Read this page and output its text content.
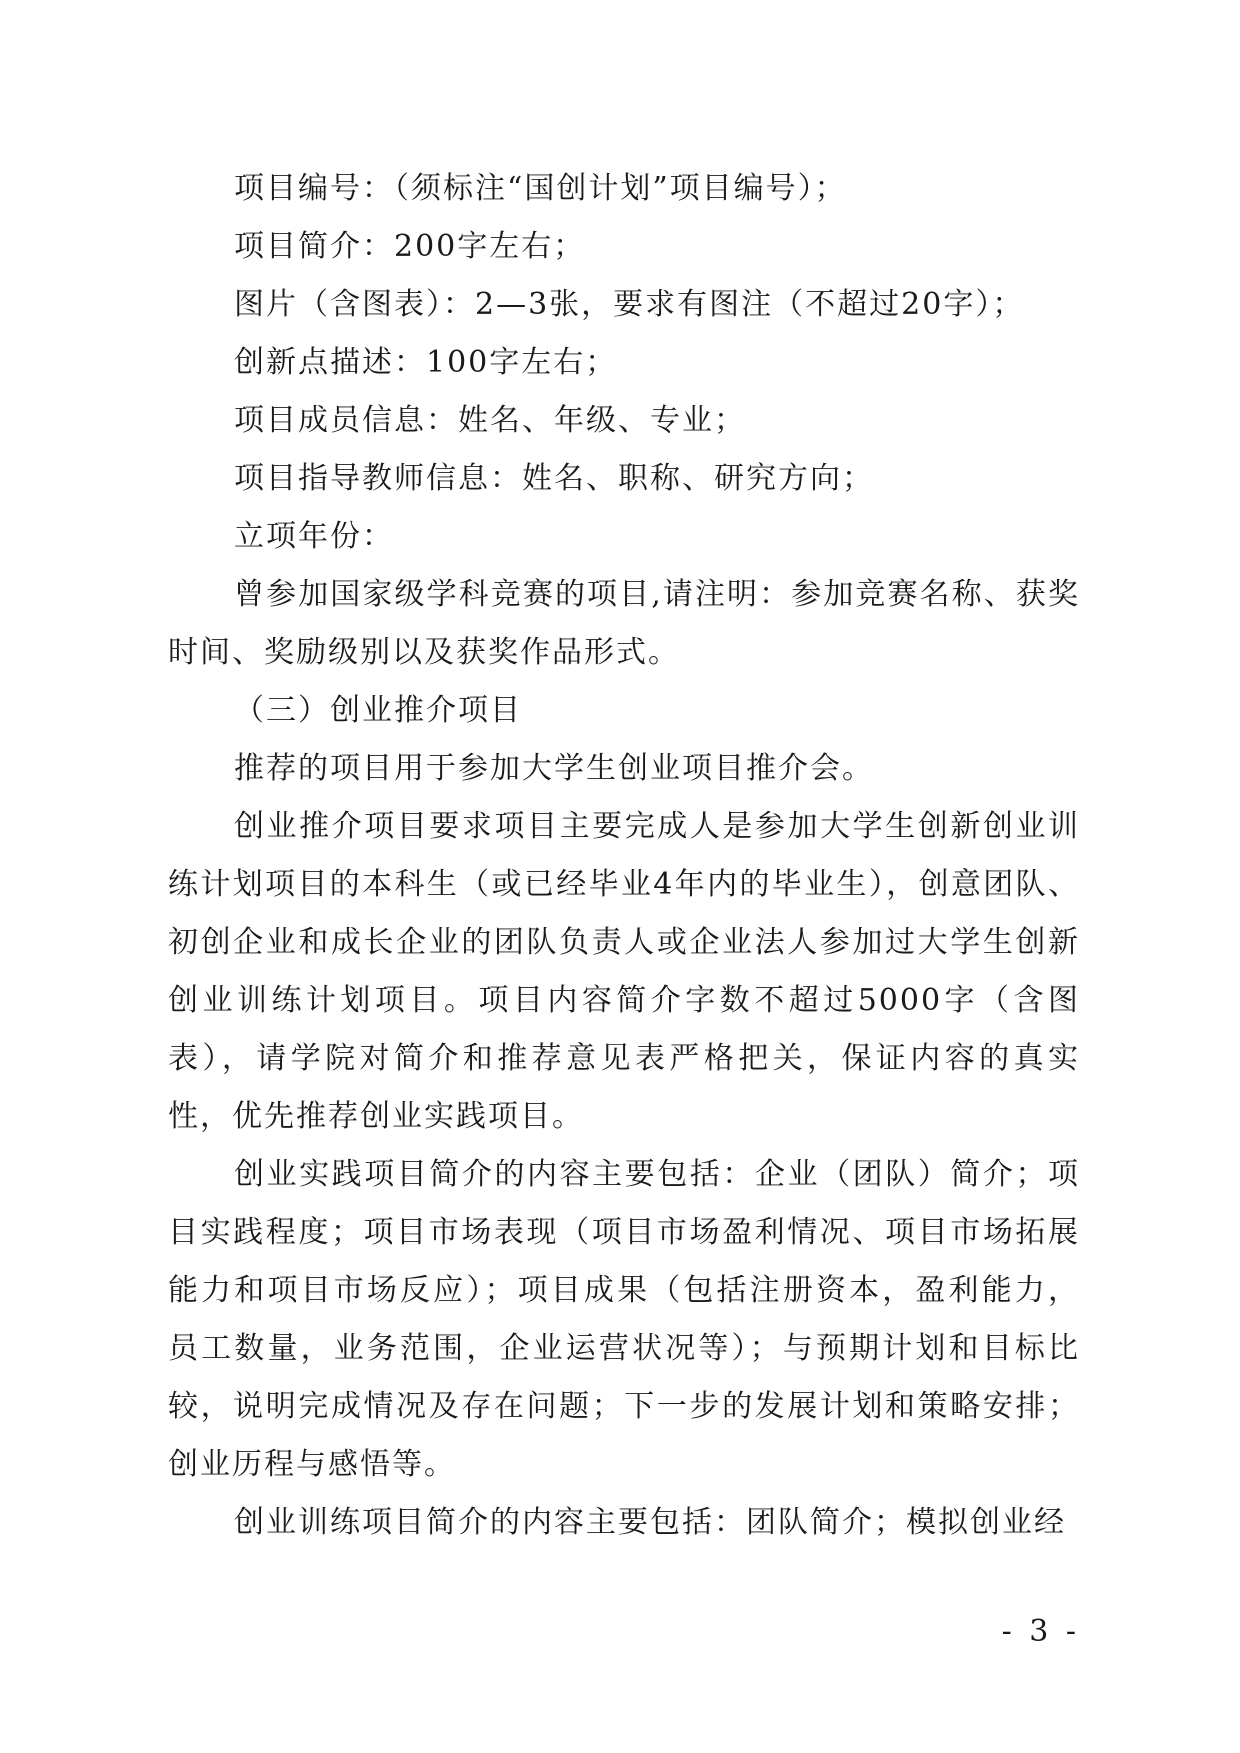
项目编号：（须标注“国创计划”项目编号）；

项目简介：200字左右；

图片（含图表）：2—3张，要求有图注（不超过20字）；

创新点描述：100字左右；

项目成员信息：姓名、年级、专业；

项目指导教师信息：姓名、职称、研究方向；

立项年份：

曾参加国家级学科竞赛的项目,请注明：参加竞赛名称、获奖时间、奖励级别以及获奖作品形式。

（三）创业推介项目

推荐的项目用于参加大学生创业项目推介会。

创业推介项目要求项目主要完成人是参加大学生创新创业训练计划项目的本科生（或已经毕业4年内的毕业生），创意团队、初创企业和成长企业的团队负责人或企业法人参加过大学生创新创业训练计划项目。项目内容简介字数不超过5000字（含图表），请学院对简介和推荐意见表严格把关，保证内容的真实性，优先推荐创业实践项目。

创业实践项目简介的内容主要包括：企业（团队）简介；项目实践程度；项目市场表现（项目市场盈利情况、项目市场拓展能力和项目市场反应）；项目成果（包括注册资本，盈利能力，员工数量，业务范围，企业运营状况等）；与预期计划和目标比较，说明完成情况及存在问题；下一步的发展计划和策略安排；创业历程与感悟等。

创业训练项目简介的内容主要包括：团队简介；模拟创业经

- 3 -
